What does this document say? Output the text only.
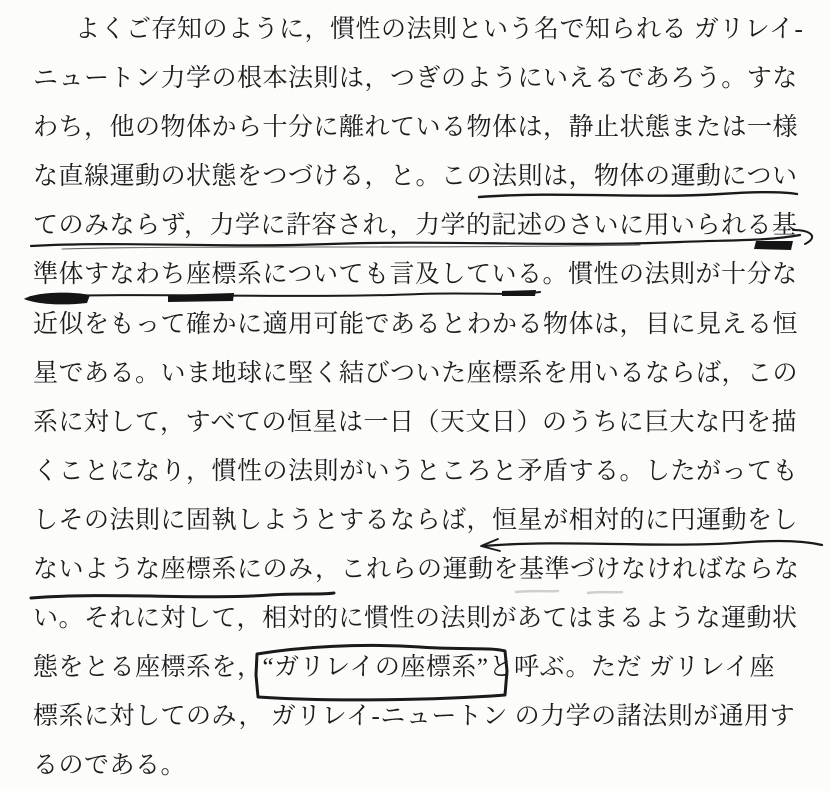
よくご存知のように，慣性の法則という名で知られる ガリレイ-
ニュートン力学の根本法則は，つぎのようにいえるであろう。すな
わち，他の物体から十分に離れている物体は，静止状態または一様
な直線運動の状態をつづける，と。この法則は，物体の運動につい
てのみならず，力学に許容され，力学的記述のさいに用いられる基
準体すなわち座標系についても言及している。慣性の法則が十分な
近似をもって確かに適用可能であるとわかる物体は，目に見える恒
星である。いま地球に堅く結びついた座標系を用いるならば，この
系に対して，すべての恒星は一日（天文日）のうちに巨大な円を描
くことになり，慣性の法則がいうところと矛盾する。したがっても
しその法則に固執しようとするならば，恒星が相対的に円運動をし
ないような座標系にのみ，これらの運動を基準づけなければならな
い。それに対して，相対的に慣性の法則があてはまるような運動状
態をとる座標系を，“ガリレイの座標系”と呼ぶ。ただ ガリレイ座
標系に対してのみ， ガリレイ-ニュートン の力学の諸法則が通用す
るのである。
